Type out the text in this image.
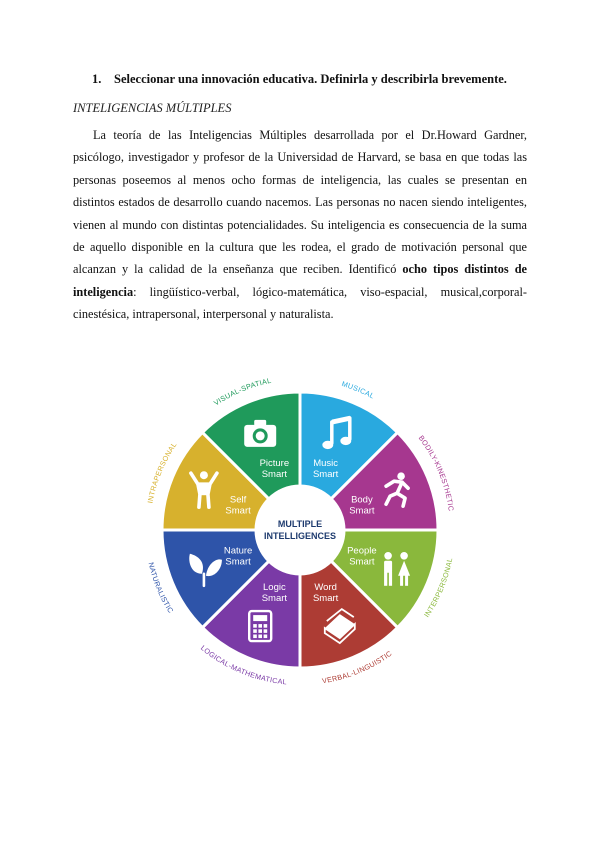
1. Seleccionar una innovación educativa. Definirla y describirla brevemente.
INTELIGENCIAS MÚLTIPLES
La teoría de las Inteligencias Múltiples desarrollada por el Dr.Howard Gardner, psicólogo, investigador y profesor de la Universidad de Harvard, se basa en que todas las personas poseemos al menos ocho formas de inteligencia, las cuales se presentan en distintos estados de desarrollo cuando nacemos. Las personas no nacen siendo inteligentes, vienen al mundo con distintas potencialidades. Su inteligencia es consecuencia de la suma de aquello disponible en la cultura que les rodea, el grado de motivación personal que alcanzan y la calidad de la enseñanza que reciben. Identificó ocho tipos distintos de inteligencia: lingüístico-verbal, lógico-matemática, viso-espacial, musical,corporal-cinestésica, intrapersonal, interpersonal y naturalista.
Music
Smart
MUSICAL
Body
Smart
BODILY-KINESTHETIC
People
Smart
INTERPERSONAL
Word
Smart
VERBAL-LINGUISTIC
Logic
Smart
LOGICAL-MATHEMATICAL
Nature
Smart
NATURALISTIC
Self
Smart
INTRAPERSONAL
Picture
Smart
VISUAL-SPATIAL
MULTIPLE
INTELLIGENCES
